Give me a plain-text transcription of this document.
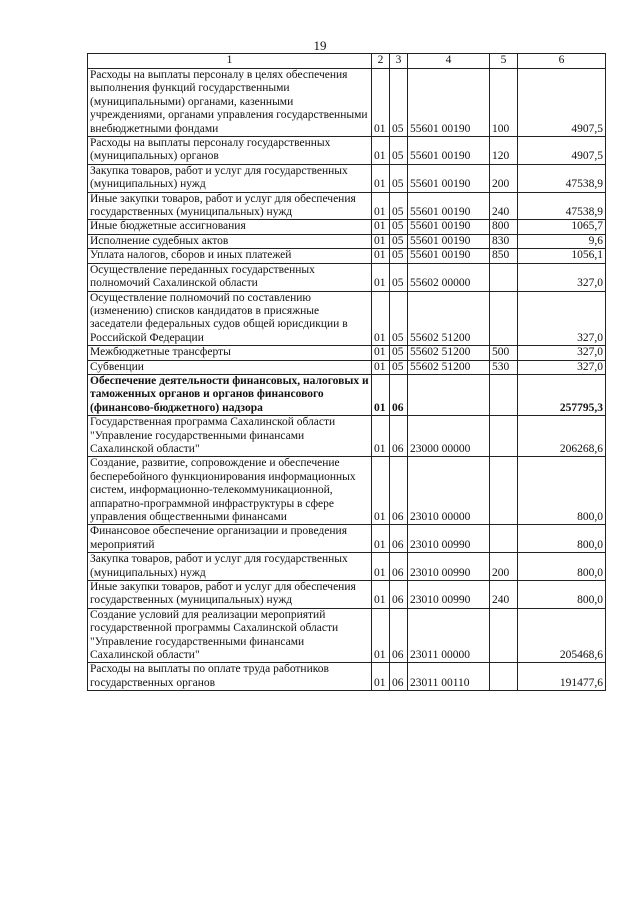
19
1	2	3	4	5	6
Расходы на выплаты персоналу в целях обеспечения выполнения функций государственными (муниципальными) органами, казенными учреждениями, органами управления государственными внебюджетными фондами	01	05	55601 00190	100	4907,5
Расходы на выплаты персоналу государственных (муниципальных) органов	01	05	55601 00190	120	4907,5
Закупка товаров, работ и услуг для государственных (муниципальных) нужд	01	05	55601 00190	200	47538,9
Иные закупки товаров, работ и услуг для обеспечения государственных (муниципальных) нужд	01	05	55601 00190	240	47538,9
Иные бюджетные ассигнования	01	05	55601 00190	800	1065,7
Исполнение судебных актов	01	05	55601 00190	830	9,6
Уплата налогов, сборов и иных платежей	01	05	55601 00190	850	1056,1
Осуществление переданных государственных полномочий Сахалинской области	01	05	55602 00000		327,0
Осуществление полномочий по составлению (изменению) списков кандидатов в присяжные заседатели федеральных судов общей юрисдикции в Российской Федерации	01	05	55602 51200		327,0
Межбюджетные трансферты	01	05	55602 51200	500	327,0
Субвенции	01	05	55602 51200	530	327,0
Обеспечение деятельности финансовых, налоговых и таможенных органов и органов финансового (финансово-бюджетного) надзора	01	06			257795,3
Государственная программа Сахалинской области "Управление государственными финансами Сахалинской области"	01	06	23000 00000		206268,6
Создание, развитие, сопровождение и обеспечение бесперебойного функционирования информационных систем, информационно-телекоммуникационной, аппаратно-программной инфраструктуры в сфере управления общественными финансами	01	06	23010 00000		800,0
Финансовое обеспечение организации и проведения мероприятий	01	06	23010 00990		800,0
Закупка товаров, работ и услуг для государственных (муниципальных) нужд	01	06	23010 00990	200	800,0
Иные закупки товаров, работ и услуг для обеспечения государственных (муниципальных) нужд	01	06	23010 00990	240	800,0
Создание условий для реализации мероприятий государственной программы Сахалинской области "Управление государственными финансами Сахалинской области"	01	06	23011 00000		205468,6
Расходы на выплаты по оплате труда работников государственных органов	01	06	23011 00110		191477,6
